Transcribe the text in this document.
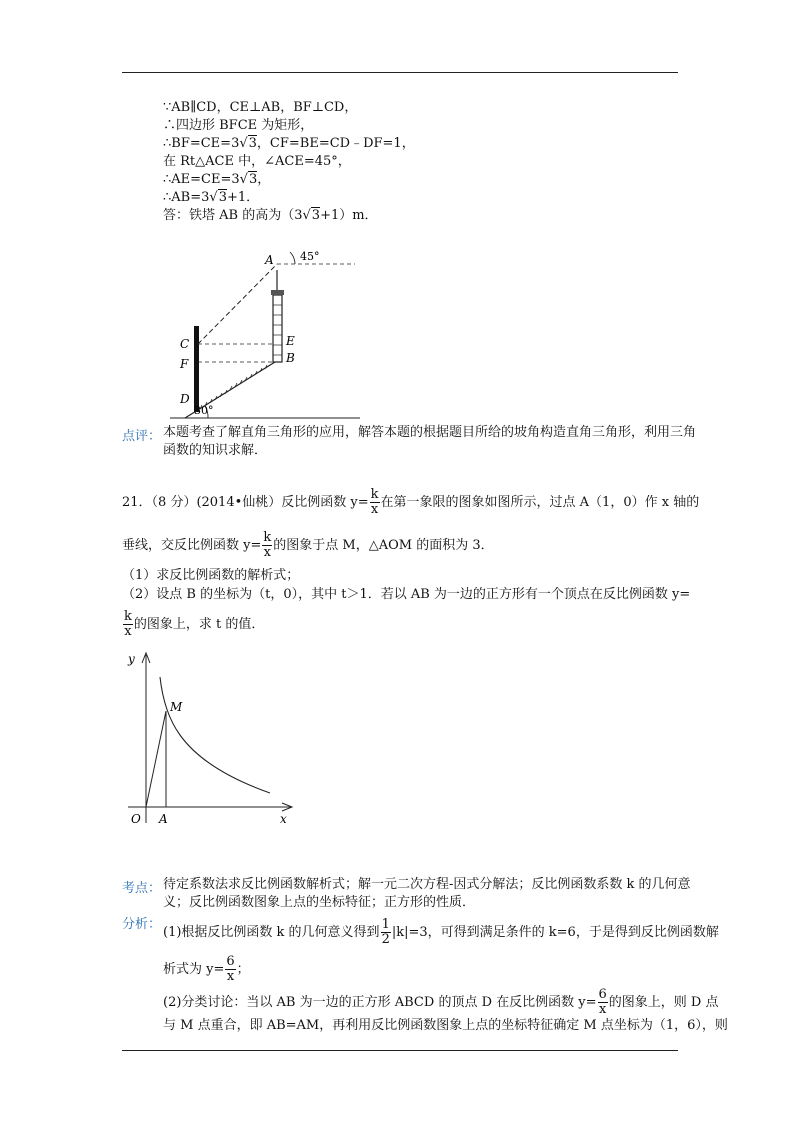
∵AB∥CD，CE⊥AB，BF⊥CD，
∴四边形 BFCE 为矩形，
∴BF=CE=3√3，CF=BE=CD﹣DF=1，
在 Rt△ACE 中，∠ACE=45°，
∴AE=CE=3√3，
∴AB=3√3+1．
答：铁塔 AB 的高为（3√3+1）m．
A 45°
C
F
E
B
D
30°
点评： 本题考查了解直角三角形的应用，解答本题的根据题目所给的坡角构造直角三角形，利用三角
函数的知识求解．
21．（8 分）(2014•仙桃）反比例函数 $y= \frac{k}{x}$ 在第一象限的图象如图所示，过点 A（1，0）作 x 轴的
垂线，交反比例函数 $y= \frac{k}{x}$ 的图象于点 M，△AOM 的面积为 3．
（1）求反比例函数的解析式；
（2）设点 B 的坐标为（t，0），其中 t＞1．若以 AB 为一边的正方形有一个顶点在反比例函数 y=
$\frac{k}{x}$ 的图象上，求 t 的值．
y
x
O A
M
考点： 待定系数法求反比例函数解析式；解一元二次方程-因式分解法；反比例函数系数 k 的几何意
义；反比例函数图象上点的坐标特征；正方形的性质．
分析：
(1)根据反比例函数 k 的几何意义得到 $\frac{1}{2} |k|=3$，可得到满足条件的 k=6，于是得到反比例函数解
析式为 $y= \frac{6}{x}$ ；
(2)分类讨论：当以 AB 为一边的正方形 ABCD 的顶点 D 在反比例函数 $y= \frac{6}{x}$ 的图象上，则 D 点
与 M 点重合，即 AB=AM，再利用反比例函数图象上点的坐标特征确定 M 点坐标为（1，6），则
